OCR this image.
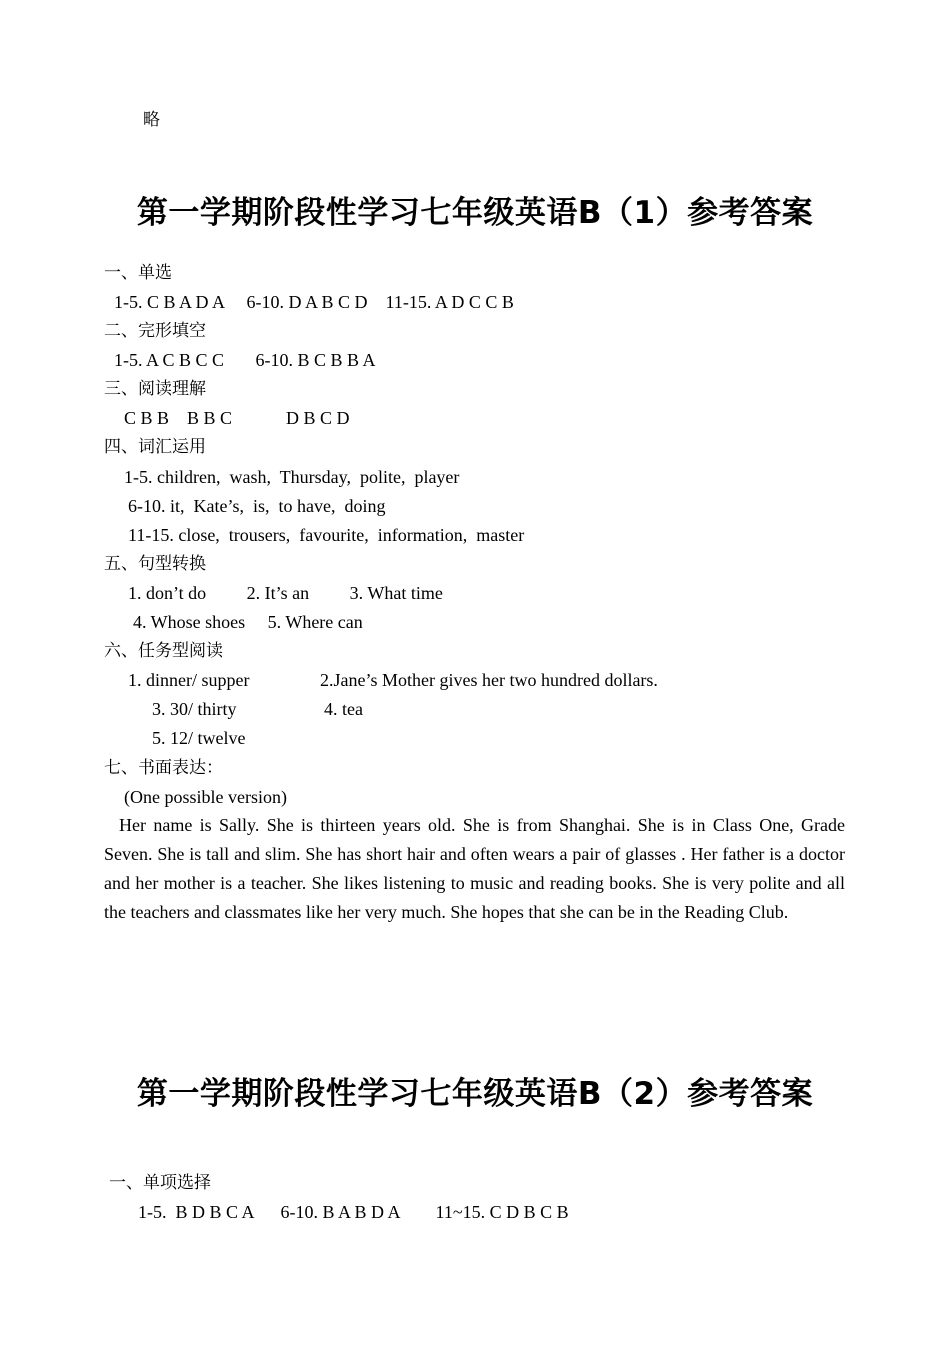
略
第一学期阶段性学习七年级英语B（1）参考答案
一、单选
1-5. C B A D A     6-10. D A B C D    11-15. A D C C B
二、完形填空
1-5. A C B C C       6-10. B C B B A
三、阅读理解
C B B    B B C            D B C D
四、词汇运用
1-5. children,  wash,  Thursday,  polite,  player
6-10. it,  Kate’s,  is,  to have,  doing
11-15. close,  trousers,  favourite,  information,  master
五、句型转换
1. don’t do         2. It’s an         3. What time
4. Whose shoes     5. Where can
六、任务型阅读
1. dinner/ supper	2.Jane’s Mother gives her two hundred dollars.
3. 30/ thirty	4. tea
5. 12/ twelve
七、书面表达：
(One possible version)
Her name is Sally. She is thirteen years old. She is from Shanghai. She is in Class One, Grade Seven. She is tall and slim. She has short hair and often wears a pair of glasses . Her father is a doctor and her mother is a teacher. She likes listening to music and reading books. She is very polite and all the teachers and classmates like her very much. She hopes that she can be in the Reading Club.
第一学期阶段性学习七年级英语B（2）参考答案
一、单项选择
1-5.  B D B C A      6-10. B A B D A        11~15. C D B C B
